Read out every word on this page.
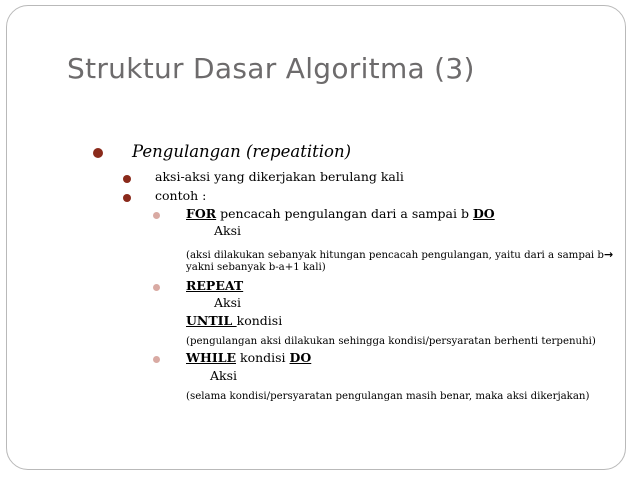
Struktur Dasar Algoritma (3)
Pengulangan (repeatition)
aksi-aksi yang dikerjakan berulang kali
contoh :
FOR pencacah pengulangan dari a sampai b DO
Aksi
(aksi dilakukan sebanyak hitungan pencacah pengulangan, yaitu dari a sampai b→
yakni sebanyak b-a+1 kali)
REPEAT
Aksi
UNTIL kondisi
(pengulangan aksi dilakukan sehingga kondisi/persyaratan berhenti terpenuhi)
WHILE kondisi DO
Aksi
(selama kondisi/persyaratan pengulangan masih benar, maka aksi dikerjakan)
